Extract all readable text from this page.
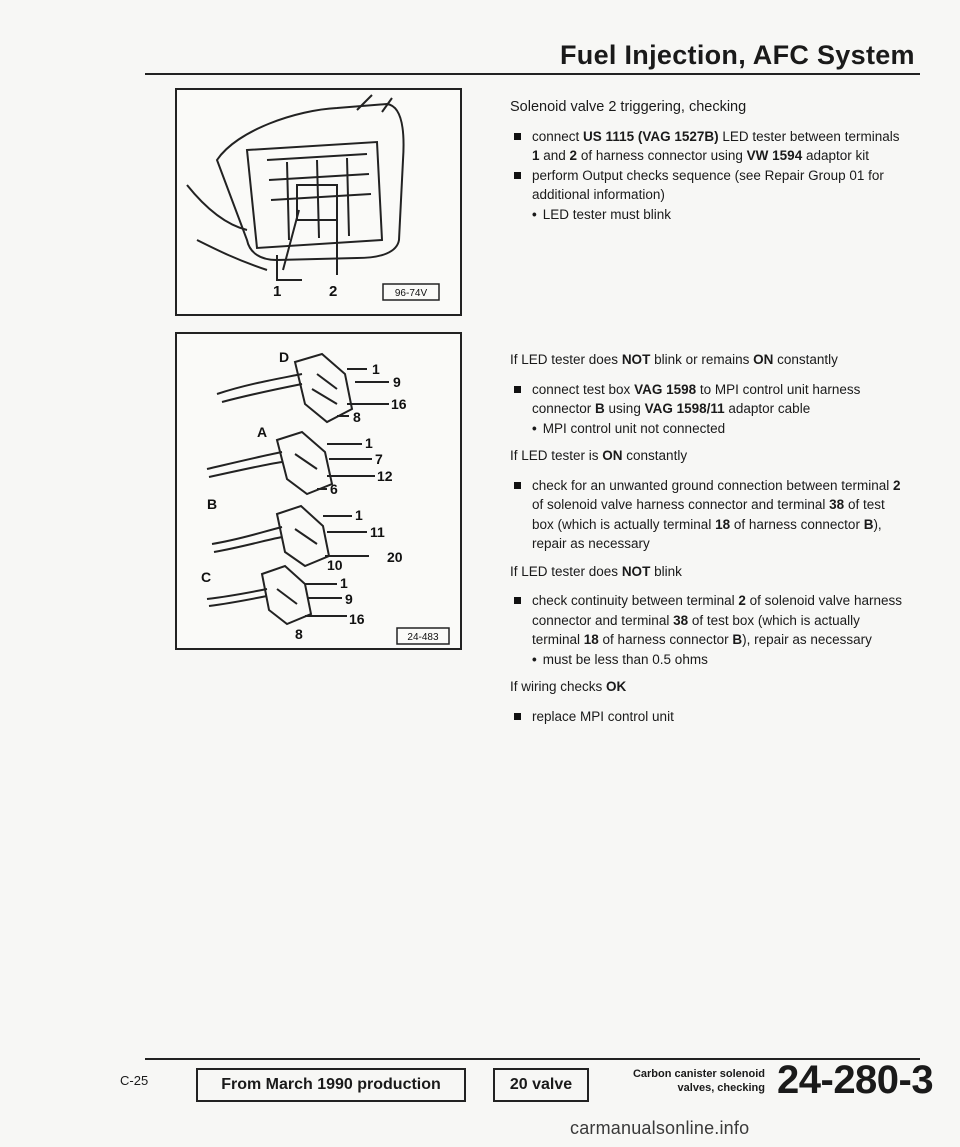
Fuel Injection, AFC System
1	2	96-74V
D
1
9
16
8
A
1
7
12
6
B
1
11
20
10
C	1
9
16
8	24-483

Solenoid valve 2 triggering, checking

connect US 1115 (VAG 1527B) LED tester between terminals 1 and 2 of harness connector using VW 1594 adaptor kit

perform Output checks sequence (see Repair Group 01 for additional information)

• LED tester must blink

If LED tester does NOT blink or remains ON constantly

connect test box VAG 1598 to MPI control unit harness connector B using VAG 1598/11 adaptor cable

• MPI control unit not connected

If LED tester is ON constantly

check for an unwanted ground connection between terminal 2 of solenoid valve harness connector and terminal 38 of test box (which is actually terminal 18 of harness connector B), repair as necessary

If LED tester does NOT blink

check continuity between terminal 2 of solenoid valve harness connector and terminal 38 of test box (which is actually terminal 18 of harness connector B), repair as necessary

• must be less than 0.5 ohms

If wiring checks OK

replace MPI control unit

C-25	From March 1990 production	20 valve
Carbon canister solenoid
valves, checking 24-280-3
carmanualsonline.info
